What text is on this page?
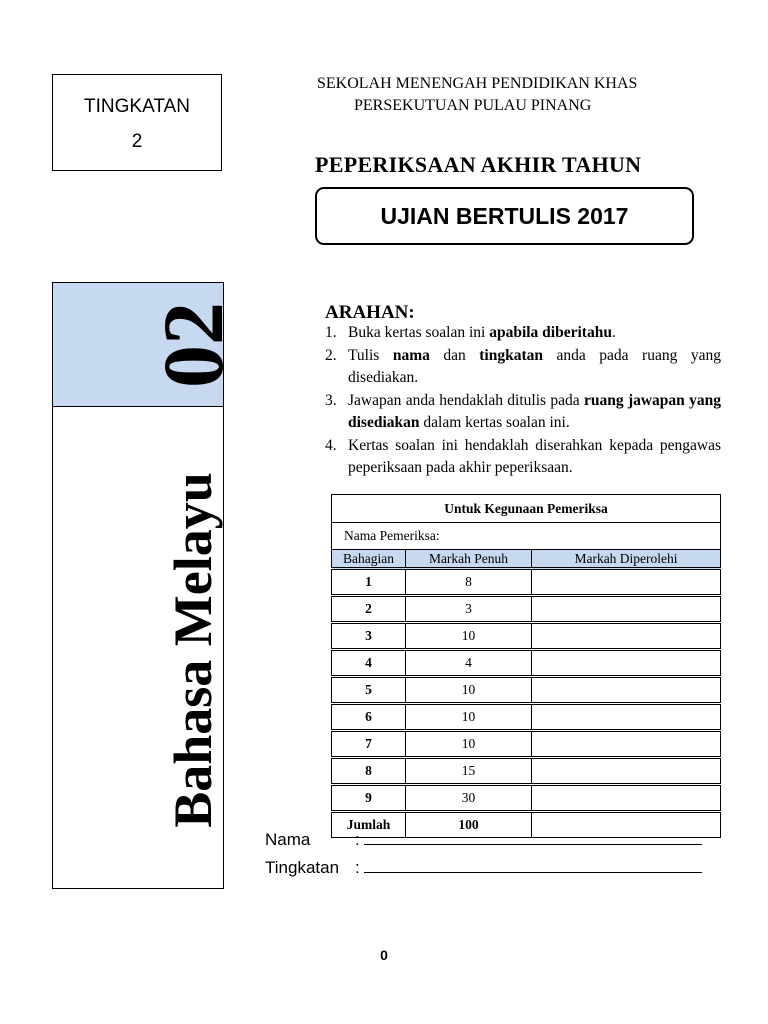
TINGKATAN
2
SEKOLAH MENENGAH PENDIDIKAN KHAS
PERSEKUTUAN PULAU PINANG
PEPERIKSAAN AKHIR TAHUN
UJIAN BERTULIS 2017
02
Bahasa Melayu
ARAHAN:
1. Buka kertas soalan ini apabila diberitahu.
2. Tulis nama dan tingkatan anda pada ruang yang disediakan.
3. Jawapan anda hendaklah ditulis pada ruang jawapan yang disediakan dalam kertas soalan ini.
4. Kertas soalan ini hendaklah diserahkan kepada pengawas peperiksaan pada akhir peperiksaan.
Untuk Kegunaan Pemeriksa		
Nama Pemeriksa:		
Bahagian	Markah Penuh	Markah Diperolehi
1	8	
2	3	
3	10	
4	4	
5	10	
6	10	
7	10	
8	15	
9	30	
Jumlah	100	
Nama	:
Tingkatan :
0
